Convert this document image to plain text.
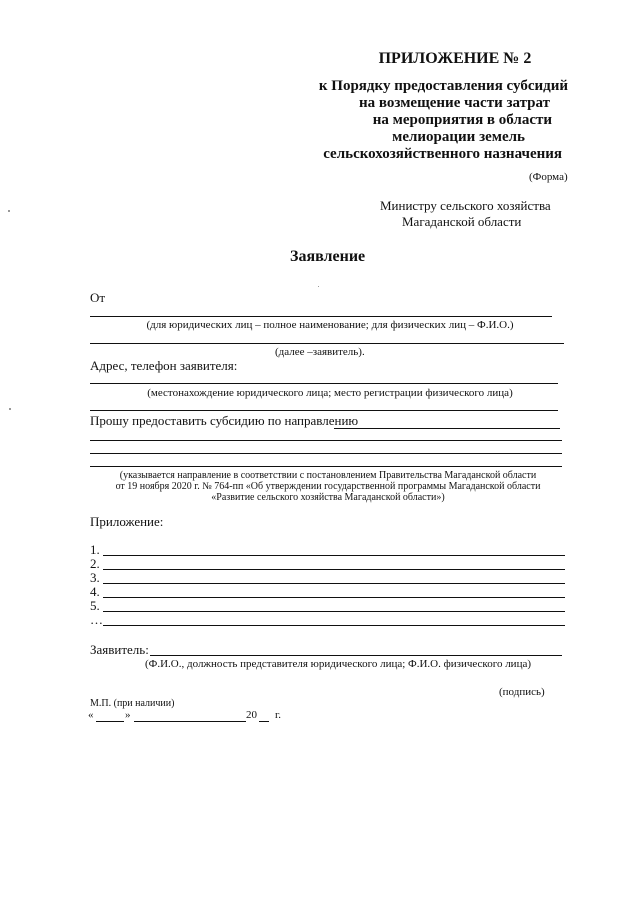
ПРИЛОЖЕНИЕ № 2
к Порядку предоставления субсидий
на возмещение части затрат
на мероприятия в области
мелиорации земель
сельскохозяйственного назначения
(Форма)
Министру сельского хозяйства
Магаданской области
Заявление
От
(для юридических лиц – полное наименование; для физических лиц – Ф.И.О.)
(далее –заявитель).
Адрес, телефон заявителя:
(местонахождение юридического лица; место регистрации физического лица)
Прошу предоставить субсидию по направлению
(указывается направление в соответствии с постановлением Правительства Магаданской области
от 19 ноября 2020 г. № 764-пп «Об утверждении государственной программы Магаданской области
«Развитие сельского хозяйства Магаданской области»)
Приложение:
1.
2.
3.
4.
5.
…
Заявитель:
(Ф.И.О., должность представителя юридического лица; Ф.И.О. физического лица)
(подпись)
М.П. (при наличии)
«	»	20 г.
